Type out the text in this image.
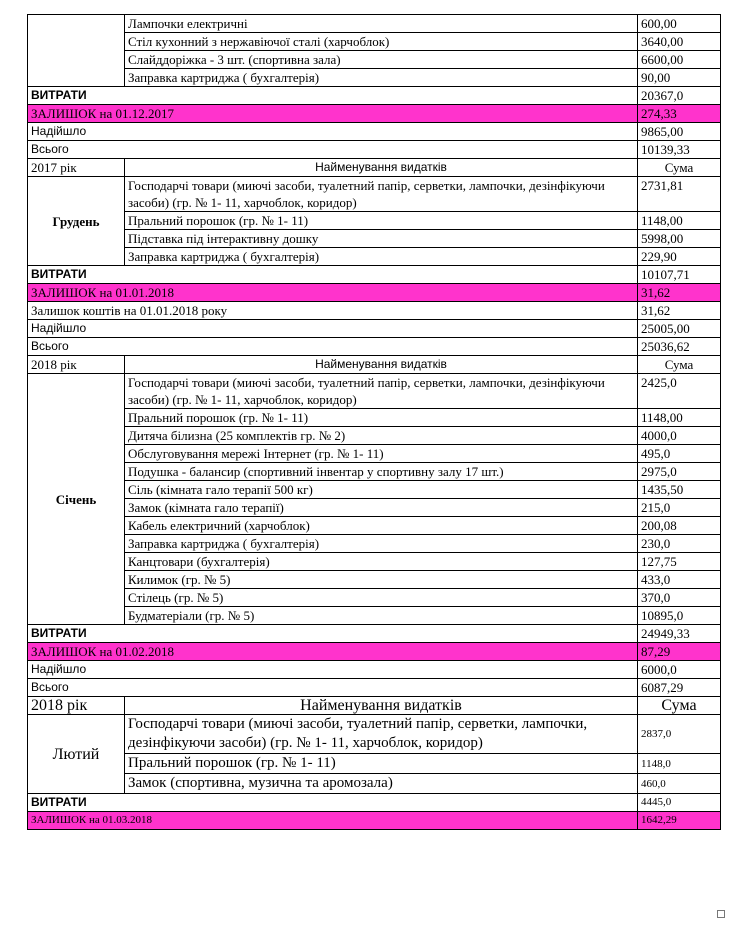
	Лампочки електричні	600,00
	Стіл кухонний з нержавіючої сталі (харчоблок)	3640,00
	Слайддоріжка - 3 шт. (спортивна зала)	6600,00
	Заправка картриджа ( бухгалтерія)	90,00
ВИТРАТИ		20367,0
ЗАЛИШОК на 01.12.2017		274,33
Надійшло		9865,00
Всього		10139,33
2017 рік	Найменування видатків	Сума
Грудень	Господарчі товари (миючі засоби, туалетний папір, серветки, лампочки, дезінфікуючи засоби) (гр. № 1- 11, харчоблок, коридор)	2731,81
	Пральний порошок (гр. № 1- 11)	1148,00
	Підставка під інтерактивну дошку	5998,00
	Заправка картриджа ( бухгалтерія)	229,90
ВИТРАТИ		10107,71
ЗАЛИШОК на 01.01.2018		31,62
Залишок коштів на 01.01.2018 року		31,62
Надійшло		25005,00
Всього		25036,62
2018 рік	Найменування видатків	Сума
Січень	Господарчі товари (миючі засоби, туалетний папір, серветки, лампочки, дезінфікуючи засоби) (гр. № 1- 11, харчоблок, коридор)	2425,0
	Пральний порошок (гр. № 1- 11)	1148,00
	Дитяча білизна (25 комплектів гр. № 2)	4000,0
	Обслуговування мережі Інтернет (гр. № 1- 11)	495,0
	Подушка - балансир (спортивний інвентар у спортивну залу 17 шт.)	2975,0
	Сіль (кімната гало терапії 500 кг)	1435,50
	Замок (кімната гало терапії)	215,0
	Кабель електричний (харчоблок)	200,08
	Заправка картриджа ( бухгалтерія)	230,0
	Канцтовари (бухгалтерія)	127,75
	Килимок (гр. № 5)	433,0
	Стілець (гр. № 5)	370,0
	Будматеріали (гр. № 5)	10895,0
ВИТРАТИ		24949,33
ЗАЛИШОК на 01.02.2018		87,29
Надійшло		6000,0
Всього		6087,29
2018 рік	Найменування видатків	Сума
Лютий	Господарчі товари (миючі засоби, туалетний папір, серветки, лампочки, дезінфікуючи засоби) (гр. № 1- 11, харчоблок, коридор)	2837,0
	Пральний порошок (гр. № 1- 11)	1148,0
	Замок (спортивна, музична та аромозала)	460,0
ВИТРАТИ		4445,0
ЗАЛИШОК на 01.03.2018		1642,29
